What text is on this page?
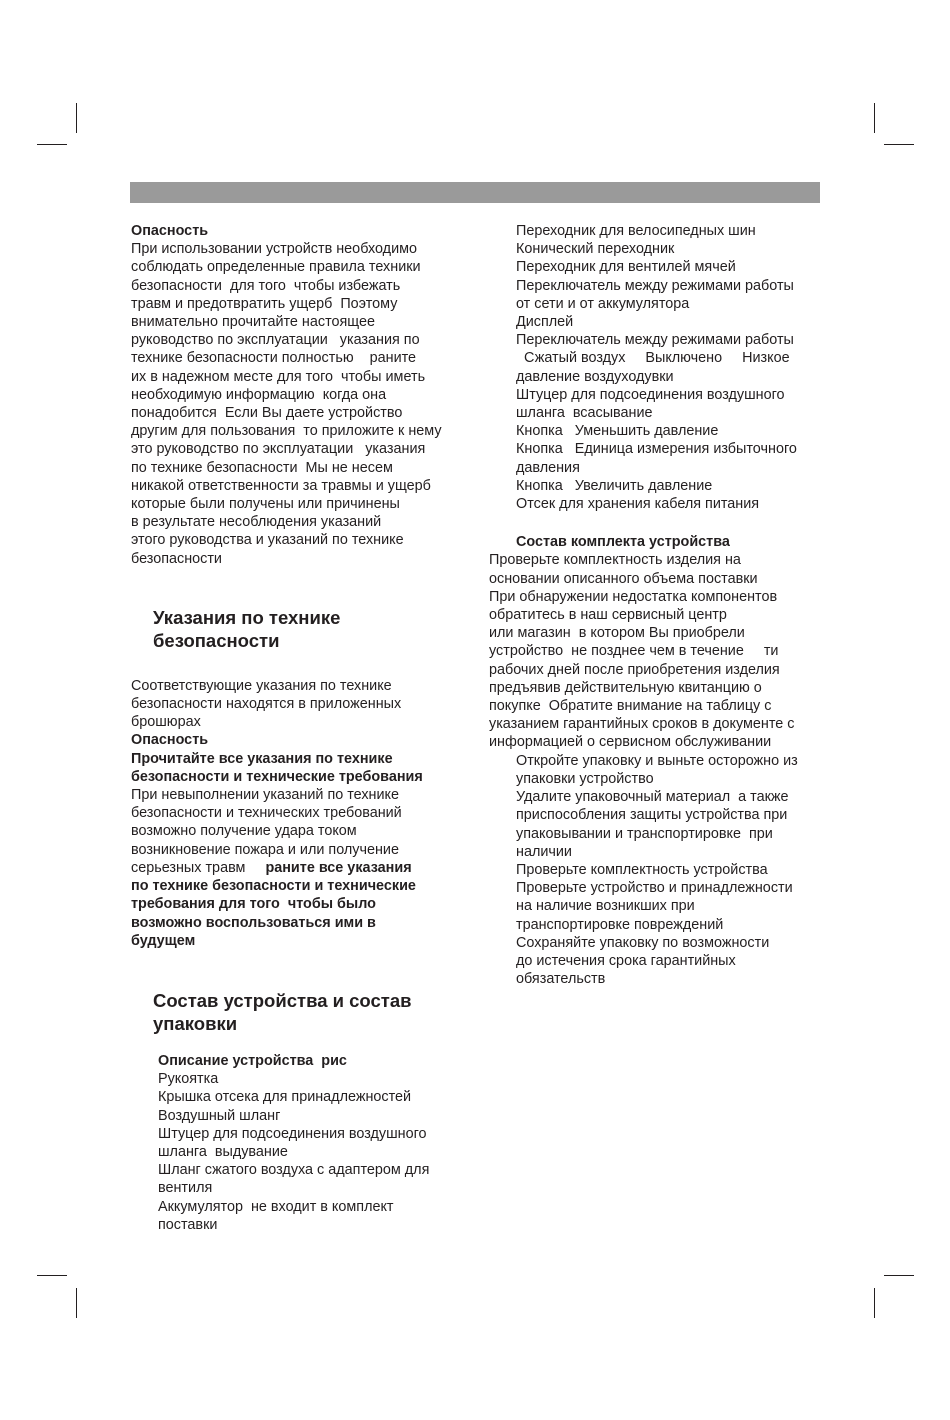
Опасность
При использовании устройств необходимо
соблюдать определенные правила техники
безопасности  для того  чтобы избежать
травм и предотвратить ущерб  Поэтому
внимательно прочитайте настоящее
руководство по эксплуатации   указания по
технике безопасности полностью    раните
их в надежном месте для того  чтобы иметь
необходимую информацию  когда она
понадобится  Если Вы даете устройство
другим для пользования  то приложите к нему
это руководство по эксплуатации   указания
по технике безопасности  Мы не несем
никакой ответственности за травмы и ущерб
которые были получены или причинены
в результате несоблюдения указаний
этого руководства и указаний по технике
безопасности
Указания по технике
безопасности
Соответствующие указания по технике
безопасности находятся в приложенных
брошюрах
Опасность
Прочитайте все указания по технике
безопасности и технические требования
При невыполнении указаний по технике
безопасности и технических требований
возможно получение удара током
возникновение пожара и или получение
серьезных травм     раните все указания
по технике безопасности и технические
требования для того  чтобы было
возможно воспользоваться ими в
будущем
Состав устройства и состав
упаковки
Описание устройства  рис
Рукоятка
Крышка отсека для принадлежностей
Воздушный шланг
Штуцер для подсоединения воздушного
шланга  выдувание
Шланг сжатого воздуха с адаптером для
вентиля
Аккумулятор  не входит в комплект
поставки
Переходник для велосипедных шин
Конический переходник
Переходник для вентилей мячей
Переключатель между режимами работы
от сети и от аккумулятора
Дисплей
Переключатель между режимами работы
Сжатый воздух     Выключено     Низкое
давление воздуходувки
Штуцер для подсоединения воздушного
шланга  всасывание
Кнопка   Уменьшить давление
Кнопка   Единица измерения избыточного
давления
Кнопка   Увеличить давление
Отсек для хранения кабеля питания
Состав комплекта устройства
Проверьте комплектность изделия на
основании описанного объема поставки
При обнаружении недостатка компонентов
обратитесь в наш сервисный центр
или магазин  в котором Вы приобрели
устройство  не позднее чем в течение     ти
рабочих дней после приобретения изделия
предъявив действительную квитанцию о
покупке  Обратите внимание на таблицу с
указанием гарантийных сроков в документе с
информацией о сервисном обслуживании
Откройте упаковку и выньте осторожно из
упаковки устройство
Удалите упаковочный материал  а также
приспособления защиты устройства при
упаковывании и транспортировке  при
наличии
Проверьте комплектность устройства
Проверьте устройство и принадлежности
на наличие возникших при
транспортировке повреждений
Сохраняйте упаковку по возможности
до истечения срока гарантийных
обязательств
